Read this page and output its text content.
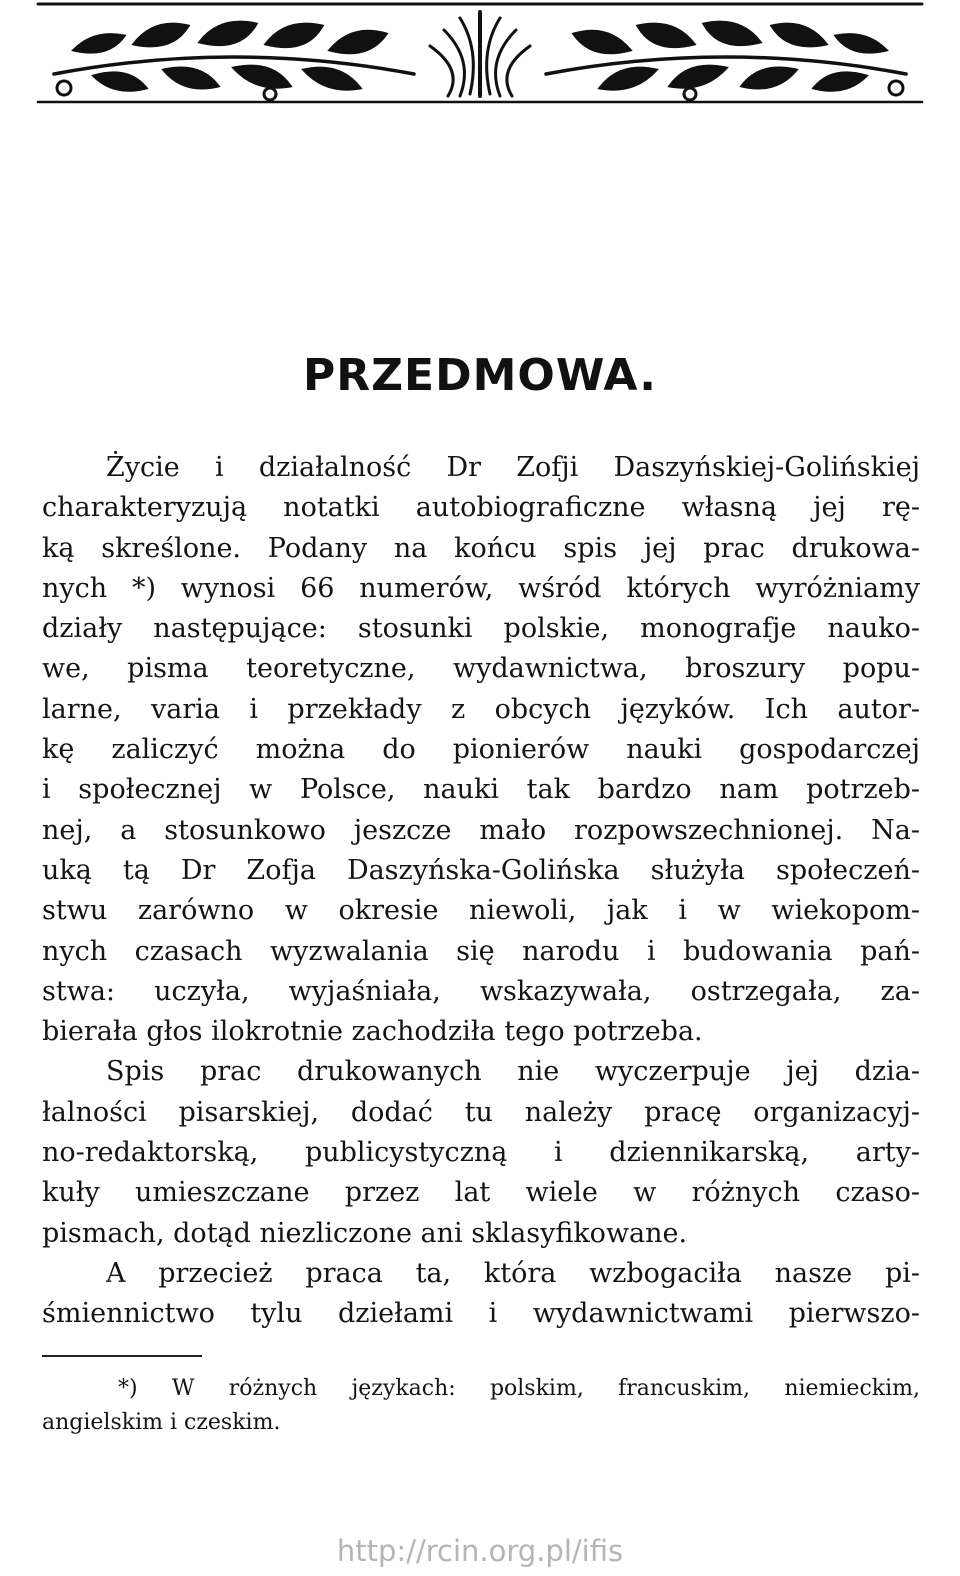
PRZEDMOWA.
Życie i działalność Dr Zofji Daszyńskiej-Golińskiej
charakteryzują notatki autobiograficzne własną jej rę-
ką skreślone. Podany na końcu spis jej prac drukowa-
nych *) wynosi 66 numerów, wśród których wyróżniamy
działy następujące: stosunki polskie, monografje nauko-
we, pisma teoretyczne, wydawnictwa, broszury popu-
larne, varia i przekłady z obcych języków. Ich autor-
kę zaliczyć można do pionierów nauki gospodarczej
i społecznej w Polsce, nauki tak bardzo nam potrzeb-
nej, a stosunkowo jeszcze mało rozpowszechnionej. Na-
uką tą Dr Zofja Daszyńska-Golińska służyła społeczeń-
stwu zarówno w okresie niewoli, jak i w wiekopom-
nych czasach wyzwalania się narodu i budowania pań-
stwa: uczyła, wyjaśniała, wskazywała, ostrzegała, za-
bierała głos ilokrotnie zachodziła tego potrzeba.
Spis prac drukowanych nie wyczerpuje jej dzia-
łalności pisarskiej, dodać tu należy pracę organizacyj-
no-redaktorską, publicystyczną i dziennikarską, arty-
kuły umieszczane przez lat wiele w różnych czaso-
pismach, dotąd niezliczone ani sklasyfikowane.
A przecież praca ta, która wzbogaciła nasze pi-
śmiennictwo tylu dziełami i wydawnictwami pierwszo-
*) W różnych językach: polskim, francuskim, niemieckim,
angielskim i czeskim.
http://rcin.org.pl/ifis
